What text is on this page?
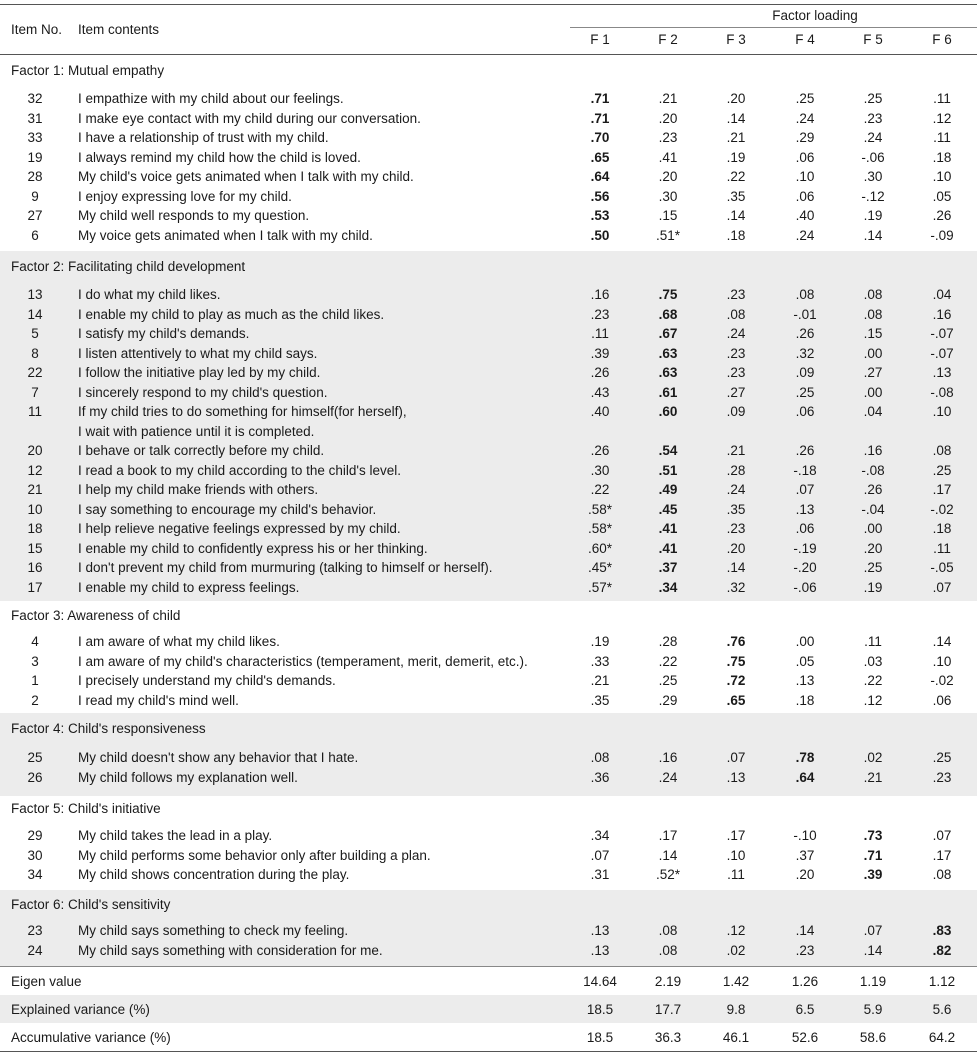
Item No. Item contents
Factor loading
F 1	F 2	F 3	F 4	F 5	F 6
Factor 1: Mutual empathy
32	I empathize with my child about our feelings.	.71	.21	.20	.25	.25	.11
31	I make eye contact with my child during our conversation.	.71	.20	.14	.24	.23	.12
33	I have a relationship of trust with my child.	.70	.23	.21	.29	.24	.11
19	I always remind my child how the child is loved.	.65	.41	.19	.06	-.06	.18
28	My child's voice gets animated when I talk with my child.	.64	.20	.22	.10	.30	.10
9	I enjoy expressing love for my child.	.56	.30	.35	.06	-.12	.05
27	My child well responds to my question.	.53	.15	.14	.40	.19	.26
6	My voice gets animated when I talk with my child.	.50	.51*	.18	.24	.14	-.09
Factor 2: Facilitating child development
13	I do what my child likes.	.16	.75	.23	.08	.08	.04
14	I enable my child to play as much as the child likes.	.23	.68	.08	-.01	.08	.16
5	I satisfy my child's demands.	.11	.67	.24	.26	.15	-.07
8	I listen attentively to what my child says.	.39	.63	.23	.32	.00	-.07
22	I follow the initiative play led by my child.	.26	.63	.23	.09	.27	.13
7	I sincerely respond to my child's question.	.43	.61	.27	.25	.00	-.08
11	If my child tries to do something for himself(for herself),	.40	.60	.09	.06	.04	.10
I wait with patience until it is completed.
20	I behave or talk correctly before my child.	.26	.54	.21	.26	.16	.08
12	I read a book to my child according to the child's level.	.30	.51	.28	-.18	-.08	.25
21	I help my child make friends with others.	.22	.49	.24	.07	.26	.17
10	I say something to encourage my child's behavior.	.58*	.45	.35	.13	-.04	-.02
18	I help relieve negative feelings expressed by my child.	.58*	.41	.23	.06	.00	.18
15	I enable my child to confidently express his or her thinking.	.60*	.41	.20	-.19	.20	.11
16	I don't prevent my child from murmuring (talking to himself or herself).	.45*	.37	.14	-.20	.25	-.05
17	I enable my child to express feelings.	.57*	.34	.32	-.06	.19	.07
Factor 3: Awareness of child
4	I am aware of what my child likes.	.19	.28	.76	.00	.11	.14
3	I am aware of my child's characteristics (temperament, merit, demerit, etc.).	.33	.22	.75	.05	.03	.10
1	I precisely understand my child's demands.	.21	.25	.72	.13	.22	-.02
2	I read my child's mind well.	.35	.29	.65	.18	.12	.06
Factor 4: Child's responsiveness
25	My child doesn't show any behavior that I hate.	.08	.16	.07	.78	.02	.25
26	My child follows my explanation well.	.36	.24	.13	.64	.21	.23
Factor 5: Child's initiative
29	My child takes the lead in a play.	.34	.17	.17	-.10	.73	.07
30	My child performs some behavior only after building a plan.	.07	.14	.10	.37	.71	.17
34	My child shows concentration during the play.	.31	.52*	.11	.20	.39	.08
Factor 6: Child's sensitivity
23	My child says something to check my feeling.	.13	.08	.12	.14	.07	.83
24	My child says something with consideration for me.	.13	.08	.02	.23	.14	.82
Eigen value	14.64	2.19	1.42	1.26	1.19	1.12
Explained variance (%)	18.5	17.7	9.8	6.5	5.9	5.6
Accumulative variance (%)	18.5	36.3	46.1	52.6	58.6	64.2
